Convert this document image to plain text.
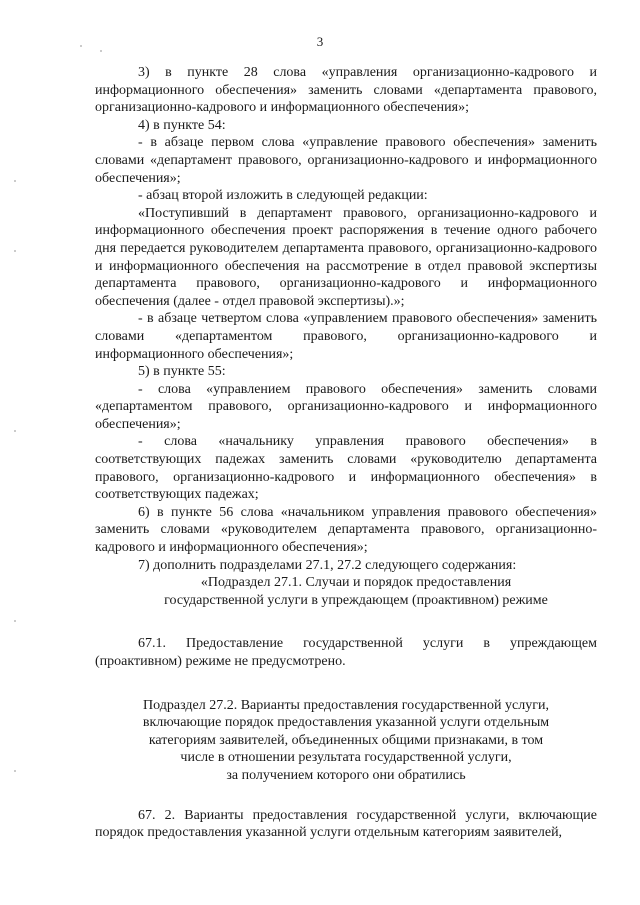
3

3) в пункте 28 слова «управления организационно-кадрового и информационного обеспечения» заменить словами «департамента правового, организационно-кадрового и информационного обеспечения»;

4) в пункте 54:

- в абзаце первом слова «управление правового обеспечения» заменить словами «департамент правового, организационно-кадрового и информационного обеспечения»;

- абзац второй изложить в следующей редакции:

«Поступивший в департамент правового, организационно-кадрового и информационного обеспечения проект распоряжения в течение одного рабочего дня передается руководителем департамента правового, организационно-кадрового и информационного обеспечения на рассмотрение в отдел правовой экспертизы департамента правового, организационно-кадрового и информационного обеспечения (далее - отдел правовой экспертизы).»;

- в абзаце четвертом слова «управлением правового обеспечения» заменить словами «департаментом правового, организационно-кадрового и информационного обеспечения»;

5) в пункте 55:

- слова «управлением правового обеспечения» заменить словами «департаментом правового, организационно-кадрового и информационного обеспечения»;

- слова «начальнику управления правового обеспечения» в соответствующих падежах заменить словами «руководителю департамента правового, организационно-кадрового и информационного обеспечения» в соответствующих падежах;

6) в пункте 56 слова «начальником управления правового обеспечения» заменить словами «руководителем департамента правового, организационно-кадрового и информационного обеспечения»;

7) дополнить подразделами 27.1, 27.2 следующего содержания:

«Подраздел 27.1. Случаи и порядок предоставления

государственной услуги в упреждающем (проактивном) режиме

67.1. Предоставление государственной услуги в упреждающем (проактивном) режиме не предусмотрено.

Подраздел 27.2. Варианты предоставления государственной услуги,

включающие порядок предоставления указанной услуги отдельным

категориям заявителей, объединенных общими признаками, в том

числе в отношении результата государственной услуги,

за получением которого они обратились

67. 2. Варианты предоставления государственной услуги, включающие порядок предоставления указанной услуги отдельным категориям заявителей,
